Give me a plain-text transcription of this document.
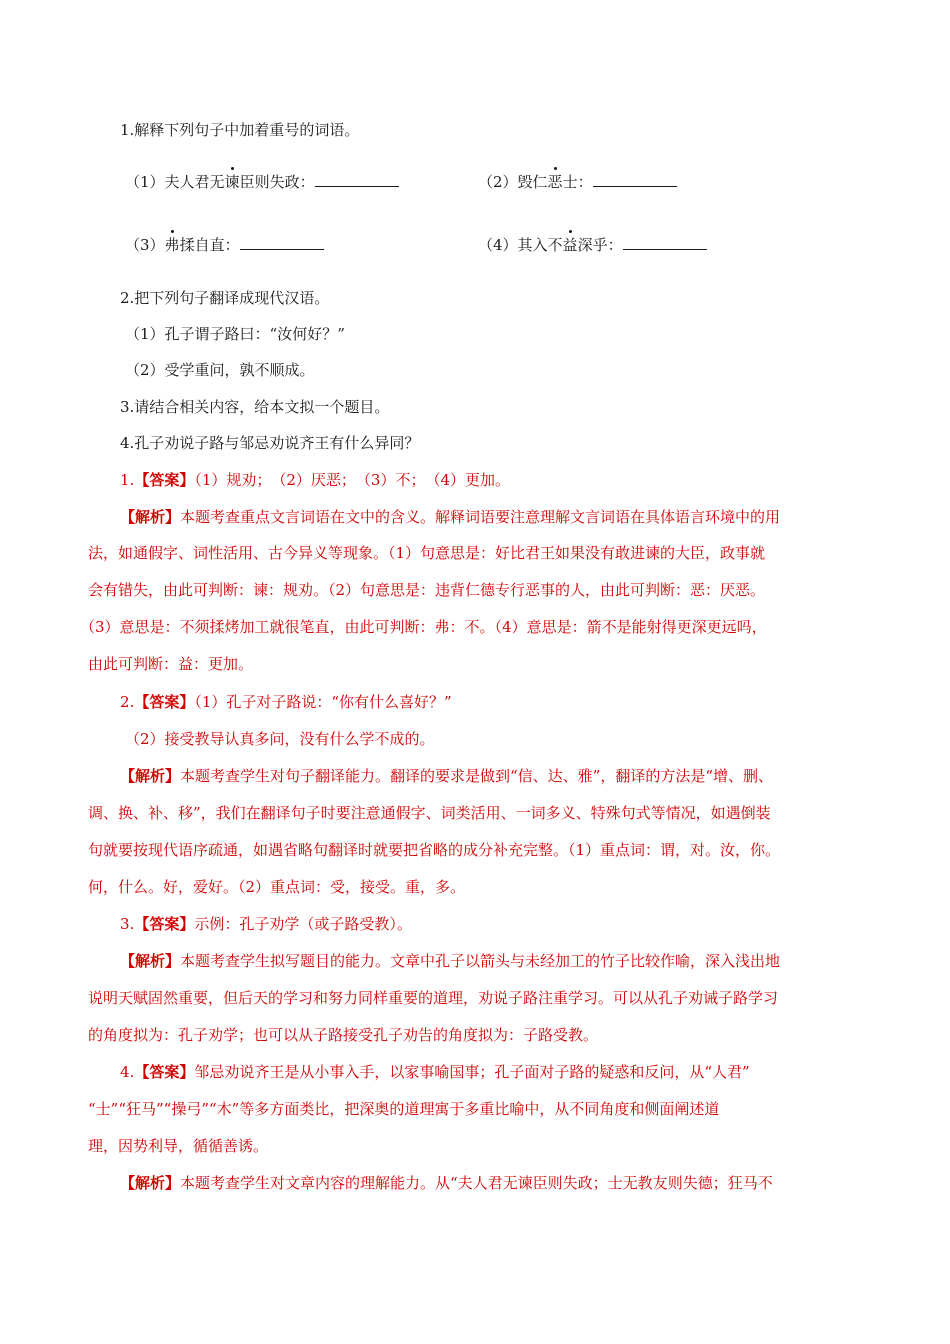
1.解释下列句子中加着重号的词语。
（1）夫人君无谏臣则失政：	（2）毁仁恶士：
（3）弗揉自直：	（4）其入不益深乎：
2.把下列句子翻译成现代汉语。
（1）孔子谓子路曰：“汝何好？”
（2）受学重问，孰不顺成。
3.请结合相关内容，给本文拟一个题目。
4.孔子劝说子路与邹忌劝说齐王有什么异同？
1.【答案】（1）规劝；　（2）厌恶；　（3）不；　（4）更加。
【解析】本题考查重点文言词语在文中的含义。解释词语要注意理解文言词语在具体语言环境中的用
法，如通假字、词性活用、古今异义等现象。（1）句意思是：好比君王如果没有敢进谏的大臣，政事就
会有错失，由此可判断：谏：规劝。（2）句意思是：违背仁德专行恶事的人，由此可判断：恶：厌恶。
（3）意思是：不须揉烤加工就很笔直，由此可判断：弗：不。（4）意思是：箭不是能射得更深更远吗，
由此可判断：益：更加。
2.【答案】（1）孔子对子路说：“你有什么喜好？”
（2）接受教导认真多问，没有什么学不成的。
【解析】本题考查学生对句子翻译能力。翻译的要求是做到“信、达、雅”，翻译的方法是“增、删、
调、换、补、移”，我们在翻译句子时要注意通假字、词类活用、一词多义、特殊句式等情况，如遇倒装
句就要按现代语序疏通，如遇省略句翻译时就要把省略的成分补充完整。（1）重点词：谓，对。汝，你。
何，什么。好，爱好。（2）重点词：受，接受。重，多。
3.【答案】示例：孔子劝学（或子路受教）。
【解析】本题考查学生拟写题目的能力。文章中孔子以箭头与未经加工的竹子比较作喻，深入浅出地
说明天赋固然重要，但后天的学习和努力同样重要的道理，劝说子路注重学习。可以从孔子劝诫子路学习
的角度拟为：孔子劝学；也可以从子路接受孔子劝告的角度拟为：子路受教。
4.【答案】邹忌劝说齐王是从小事入手，以家事喻国事；孔子面对子路的疑惑和反问，从“人君”
“士”“狂马”“操弓”“木”等多方面类比，把深奥的道理寓于多重比喻中，从不同角度和侧面阐述道
理，因势利导，循循善诱。
【解析】本题考查学生对文章内容的理解能力。从“夫人君无谏臣则失政；士无教友则失德；狂马不
